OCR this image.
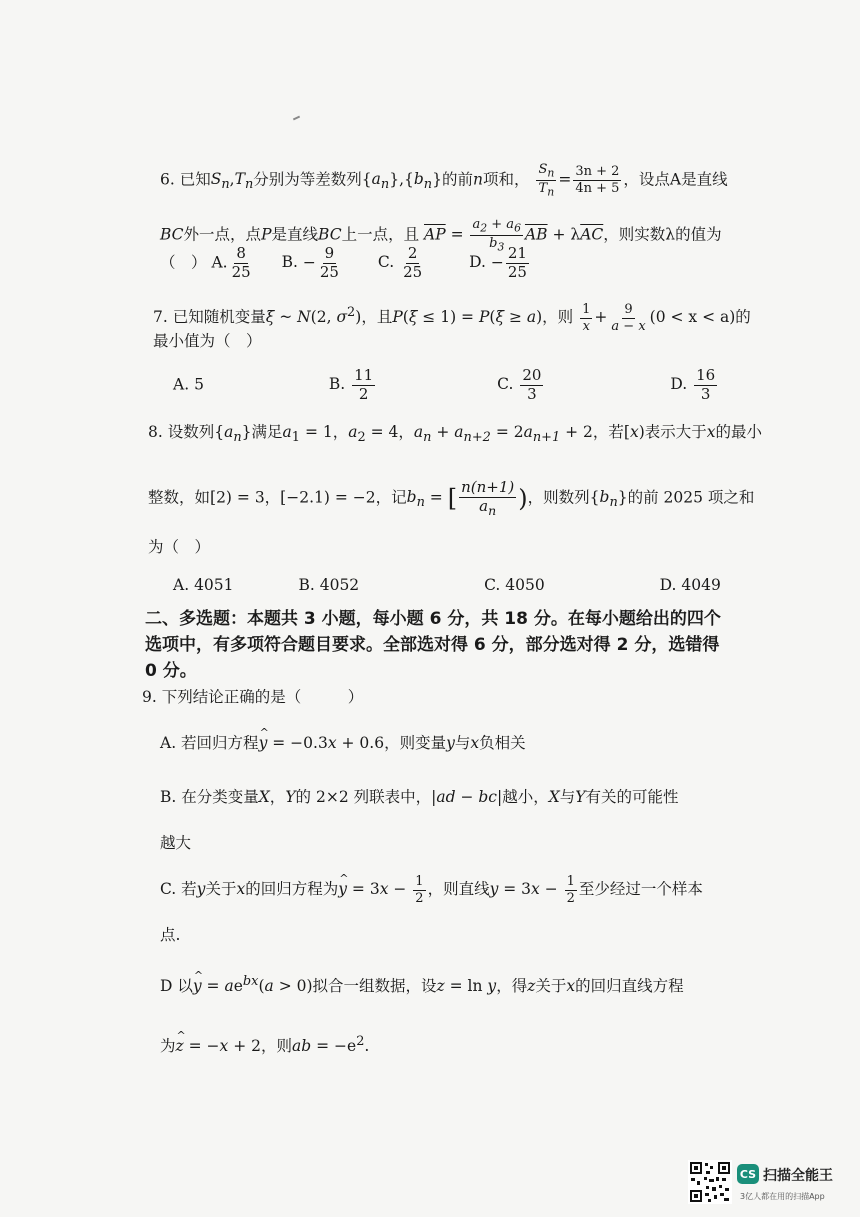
6. 已知$S_n,T_n$分别为等差数列$\{a_n\},\{b_n\}$的前n项和， $\frac{S_n}{T_n} = \frac{3n + 2}{4n + 5}$ ，设点A是直线
BC外一点，点P是直线BC上一点，且 $\overline{AP} = \frac{a_2 + a_6}{b_3} \overline{AB} + \lambda\overline{AC}$，则实数λ的值为
（　） A. $\frac{8}{25} B$. − $\frac{9}{25} C$. $\frac{2}{25}$	D. − $\frac{21}{25}$
7. 已知随机变量ξ ~ N(2, $\sigma^2$)，且P(ξ ≤ 1) = P(ξ ≥ a)，则 $\frac{1}{x} + \frac{9}{a - x} (0 < x < a)$的
最小值为（　）
A. 5	B. $\frac{11}{2}$	C. $\frac{20}{3}$	D. $\frac{16}{3}$
8. 设数列$\{a_n\}$满足$a_1 = 1$，$a_2 = 4$，$a_n + a_{n+2} = 2a_{n+1} + 2$，若[x)表示大于x的最小
整数，如[2) = 3，[−2.1) = −2，记$b_n$ = [ $\frac{n(n+1)}{a_n}$ )，则数列$\{b_n\}$的前 2025 项之和
为（　）
A. 4051	B. 4052	C. 4050	D. 4049
二、多选题：本题共 3 小题，每小题 6 分，共 18 分。在每小题给出的四个选项中，有多项符合题目要求。全部选对得 6 分，部分选对得 2 分，选错得 0 分。
9. 下列结论正确的是（　　　）
A. 若回归方程^ y = −0.3x + 0.6，则变量y与x负相关
B. 在分类变量X，Y的 2×2 列联表中，|ad − bc|越小，X与Y有关的可能性
越大
C. 若y关于x的回归方程为^ $y = 3x - \frac{1}{2}$ ，则直线$y = 3x - \frac{1}{2}$ 至少经过一个样本
点.
D 以^ $y = ae^{bx}(a > 0)$拟合一组数据，设z = ln y，得z关于x的回归直线方程
为^ z = −x + 2，则ab = $-e^2$.
CS 扫描全能王
3亿人都在用的扫描App
